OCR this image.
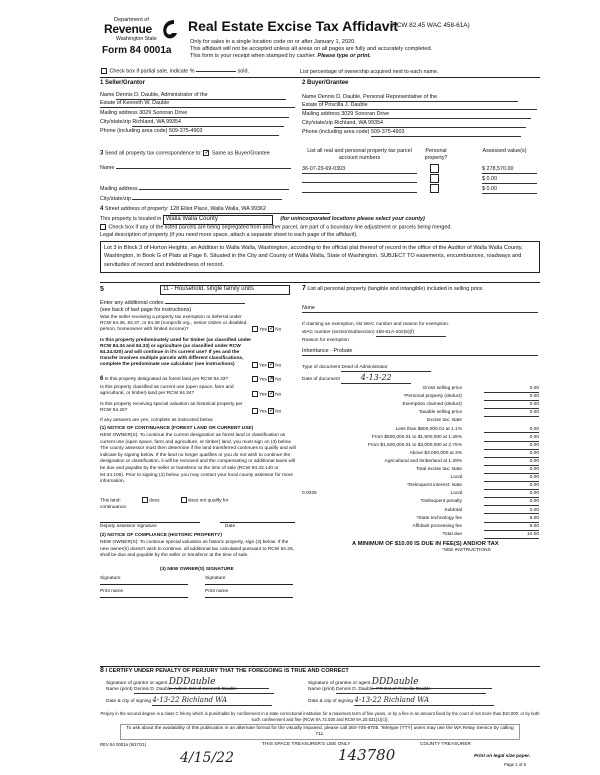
Department of
Revenue
Washington State
Form 84 0001a
Real Estate Excise Tax Affidavit
(RCW 82.45 WAC 458-61A)
Only for sales in a single location code on or after January 1, 2020.
This affidavit will not be accepted unless all areas on all pages are fully and accurately completed.
This form is your receipt when stamped by cashier. Please type or print.
Check box if partial sale, indicate %	sold.	List percentage of ownership acquired next to each name.
1 Seller/Grantor
Name Dennis D. Dauble, Administrator of the
Estate of Kenneth W. Dauble
Mailing address 3029 Sonoran Drive
City/state/zip Richland, WA 99354
Phone (including area code) 509-375-4903
2 Buyer/Grantee
Name Dennis D. Dauble, Personal Representative of the
Estate of Priscilla J. Dauble
Mailing address 3029 Sonoran Drive
City/state/zip Richland, WA 99354
Phone (including area code) 509-375-4903
3 Send all property tax correspondence to: ✓ Same as Buyer/Grantee
Name
Mailing address
City/state/zip
List all real and personal property tax parcel account numbers
Personal property?
Assessed value(s)
36-07-29-69-0303	$ 278,570.00
$ 0.00
$ 0.00
4 Street address of property: 128 Elliot Place, Walla Walla, WA 99362
This property is located in Walla Walla County	(for unincorporated locations please select your county)
Check box if any of the listed parcels are being segregated from another parcel, are part of a boundary line adjustment or parcels being merged.
Legal description of property (if you need more space, attach a separate sheet to each page of the affidavit).
Lot 3 in Block 3 of Horton Heights, an Addition to Walla Walla, Washington, according to the official plat thereof of record in the office of the Auditor of Walla Walla County, Washington, in Book G of Plats at Page 6. Situated in the City and County of Walla Walla, State of Washington. SUBJECT TO easements, encumbrances, roadways and servitudes of record and indebtedness of record.
5	11 - Household, single family units
Enter any additional codes
(see back of last page for instructions)
Was the seller receiving a property tax exemption or deferral under RCW 84.36, 84.37, or 84.38 (nonprofit org., senior citizen or disabled person, homeowner with limited income)?	Yes ✓No
Is this property predominately used for timber (as classified under RCW 84.34 and 84.33) or agriculture (as classified under RCW 84.34.020) and will continue in it's current use? If yes and the transfer involves multiple parcels with different classifications, complete the predominate use calculator (see instructions)	Yes ✓No
6 Is this property designated as forest land per RCW 84.33?	Yes ✕No
Is this property classified as current use (open space, farm and agricultural, or timber) land per RCW 84.34?	Yes ✓No
Is this property receiving special valuation as historical property per RCW 84.26?	Yes ✓No
If any answers are yes, complete as instructed below.
(1) NOTICE OF CONTINUANCE (FOREST LAND OR CURRENT USE)
NEW OWNER(S): To continue the current designation as forest land or classification as current use (open space, farm and agriculture, or timber) land, you must sign on (3) below. The county assessor must then determine if the land transferred continues to qualify and will indicate by signing below. If the land no longer qualifies or you do not wish to continue the designation or classification, it will be removed and the compensating or additional taxes will be due and payable by the seller or transferor at the time of sale (RCW 84.33.140 or 84.34.108). Prior to signing (3) below, you may contact your local county assessor for more information.
This land:	does	does not qualify for
continuance.
Deputy assessor signature	Date
(2) NOTICE OF COMPLIANCE (HISTORIC PROPERTY)
NEW OWNER(S): To continue special valuation as historic property, sign (3) below. If the new owner(s) doesn't wish to continue, all additional tax calculated pursuant to RCW 84.26, shall be due and payable by the seller or transferor at the time of sale.
(3) NEW OWNER(S) SIGNATURE
Signature	Signature
Print name	Print name
7 List all personal property (tangible and intangible) included in selling price.
None
If claiming an exemption, list WAC number and reason for exemption.
WAC number (section/subsection) 458-61A-202(6)(f)
Reason for exemption
Inheritance - Probate
Type of document Deed of Administrator
Date of document	4-13-22
Gross selling price	0.00
*Personal property (deduct)	0.00
Exemption claimed (deduct)	0.00
Taxable selling price	0.00
Excise tax: state
Less than $500,000.01 at 1.1%	0.00
From $500,000.01 to $1,500,000 at 1.28%	0.00
From $1,500,000.01 to $3,000,000 at 2.75%	0.00
Above $3,000,000 at 3%	0.00
Agricultural and timberland at 1.28%	0.00
Total excise tax: state	0.00
Local	0.00
*Delinquent interest: state	0.00
Local	0.00
*Delinquent penalty	0.00
Subtotal	0.00
*State technology fee	5.00
Affidavit processing fee	5.00
Total due	10.00
0.0025
A MINIMUM OF $10.00 IS DUE IN FEE(S) AND/OR TAX
*SEE INSTRUCTIONS
8 I CERTIFY UNDER PENALTY OF PERJURY THAT THE FOREGOING IS TRUE AND CORRECT
Signature of grantor or agent DDDauble
Name (print) Dennis D. Dauble, Admin Est of Kenneth Dauble
Date & city of signing 4-13-22 Richland WA
Signature of grantee or agent DDDauble
Name (print) Dennis D. Dauble, PR Est of Priscilla Dauble
Date & city of signing 4-13-22 Richland WA
Perjury in the second degree is a class C felony which is punishable by confinement in a state correctional institution for a maximum term of five years, or by a fine in an amount fixed by the court of not more than $10,000, or by both such confinement and fine (RCW 9A.72.030 and RCW 9A.20.021(1)(c)).
To ask about the availability of this publication in an alternate format for the visually impaired, please call 360-705-6705. Teletype (TTY) users may use the WA Relay Service by calling 711.
REV 84 0001a (9/17/21)	THIS SPACE TREASURER'S USE ONLY	COUNTY TREASURER
4/15/22	143780	Print on legal size paper.
Page 1 of 6
